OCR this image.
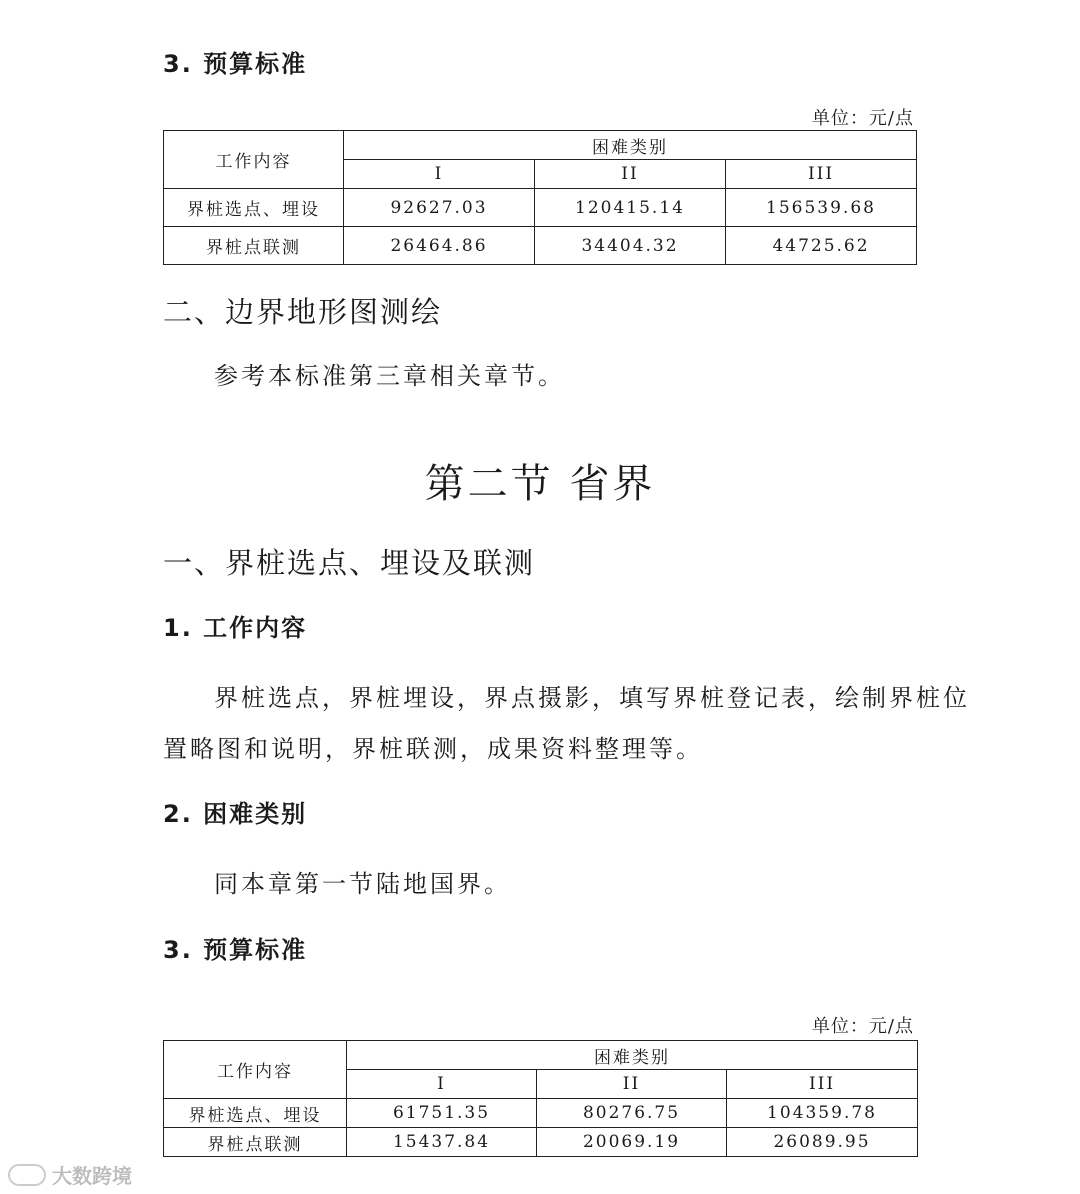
3. 预算标准
单位：元/点
工作内容	困难类别		
	I	II	III
界桩选点、埋设	92627.03	120415.14	156539.68
界桩点联测	26464.86	34404.32	44725.62
二、边界地形图测绘
参考本标准第三章相关章节。
第二节 省界
一、界桩选点、埋设及联测
1. 工作内容
界桩选点，界桩埋设，界点摄影，填写界桩登记表，绘制界桩位
置略图和说明，界桩联测，成果资料整理等。
2. 困难类别
同本章第一节陆地国界。
3. 预算标准
单位：元/点
工作内容	困难类别		
	I	II	III
界桩选点、埋设	61751.35	80276.75	104359.78
界桩点联测	15437.84	20069.19	26089.95
大数跨境
